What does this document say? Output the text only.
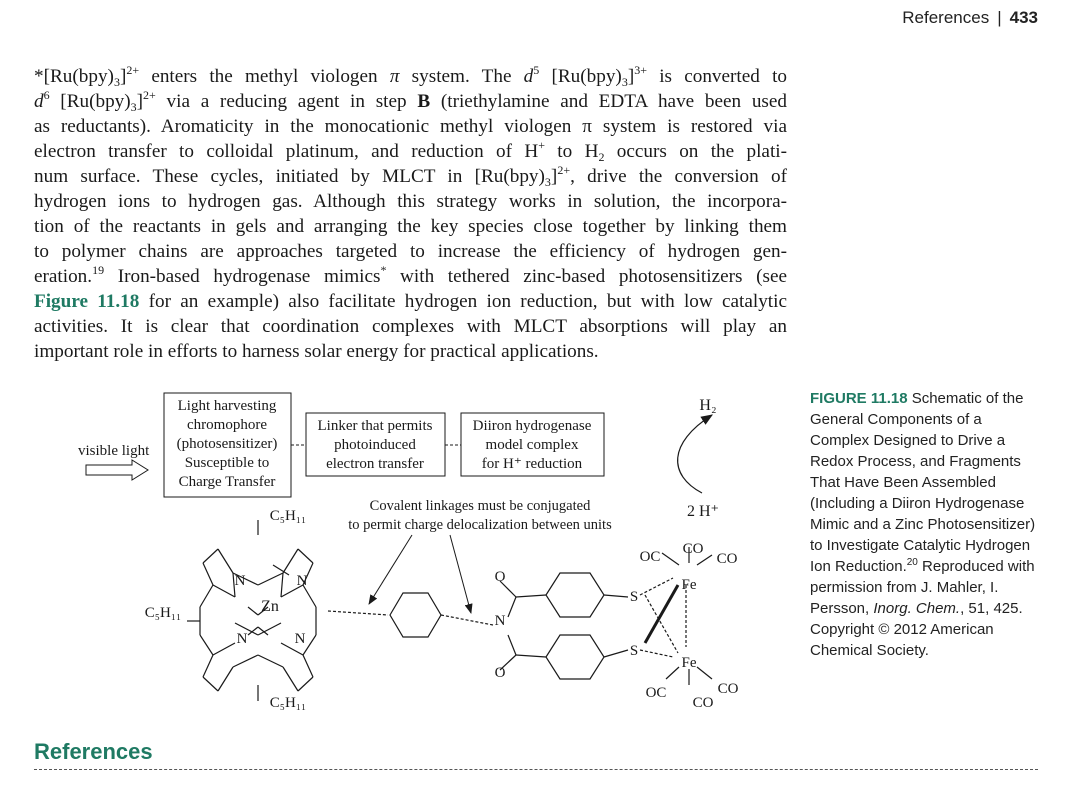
References | 433
$*[Ru(bpy)_3]^{2+}$ enters the methyl viologen π system. The $d^5$ $[Ru(bpy)_3]^{3+}$ is converted to
$d^6$ $[Ru(bpy)_3]^{2+}$ via a reducing agent in step B (triethylamine and EDTA have been used
as reductants). Aromaticity in the monocationic methyl viologen π system is restored via
electron transfer to colloidal platinum, and reduction of H+ to $H_2$ occurs on the plati-
num surface. These cycles, initiated by MLCT in $[Ru(bpy)_3]^{2+}$, drive the conversion of
hydrogen ions to hydrogen gas. Although this strategy works in solution, the incorpora-
tion of the reactants in gels and arranging the key species close together by linking them
to polymer chains are approaches targeted to increase the efficiency of hydrogen gen-
eration.$^{19}$ Iron-based hydrogenase mimics* with tethered zinc-based photosensitizers (see
Figure 11.18 for an example) also facilitate hydrogen ion reduction, but with low catalytic
activities. It is clear that coordination complexes with MLCT absorptions will play an
important role in efforts to harness solar energy for practical applications.
Light harvesting
chromophore
(photosensitizer)
Susceptible to
Charge Transfer
Linker that permits
photoinduced
electron transfer
Diiron hydrogenase
model complex
for H⁺ reduction
visible light
H₂
2 H⁺
Covalent linkages must be conjugated
to permit charge delocalization between units
C₅H₁₁
C₅H₁₁
C₅H₁₁
Zn
N	N
N	N
N
O
O
S
S
Fe
Fe
OC CO
CO
OC
CO
CO
FIGURE 11.18 Schematic of the General Components of a Complex Designed to Drive a Redox Process, and Fragments That Have Been Assembled (Including a Diiron Hydrogenase Mimic and a Zinc Photosensitizer) to Investigate Catalytic Hydrogen Ion Reduction.$^{20}$ Reproduced with permission from J. Mahler, I. Persson, Inorg. Chem., 51, 425. Copyright © 2012 American Chemical Society.
References
